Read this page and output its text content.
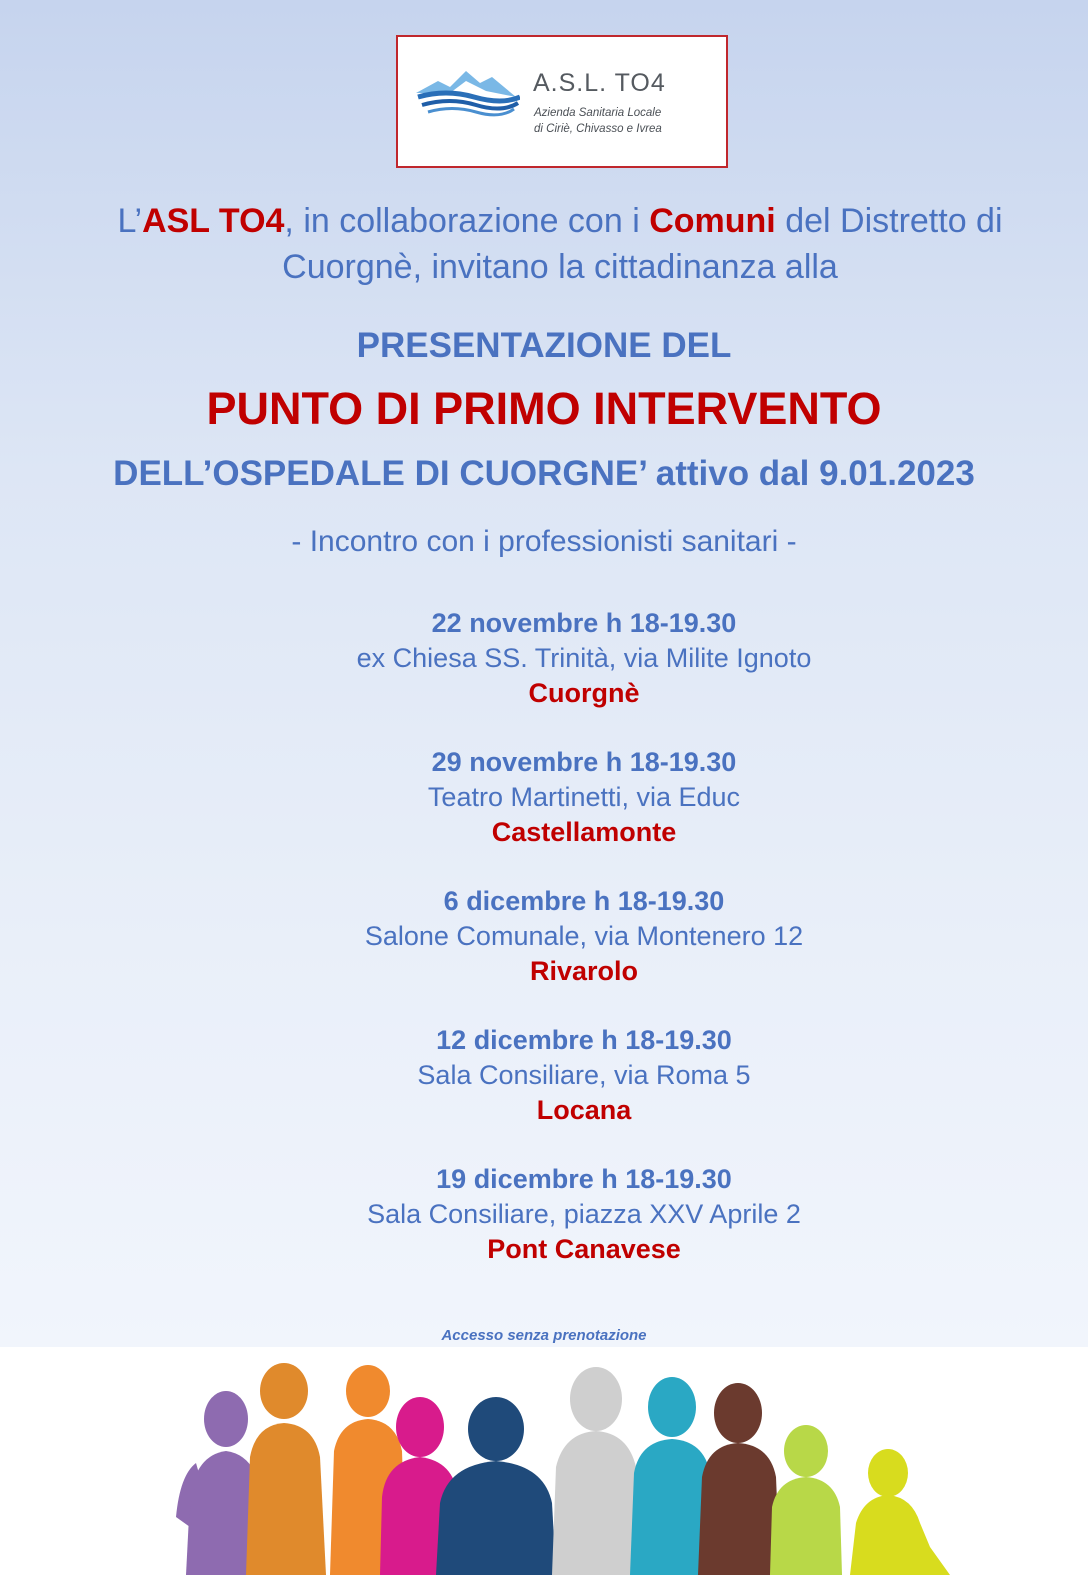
A.S.L. TO4
Azienda Sanitaria Locale
di Ciriè, Chivasso e Ivrea
L’ASL TO4, in collaborazione con i Comuni del Distretto di Cuorgnè, invitano la cittadinanza alla
PRESENTAZIONE DEL
PUNTO DI PRIMO INTERVENTO
DELL’OSPEDALE DI CUORGNE’ attivo dal 9.01.2023
- Incontro con i professionisti sanitari -
22 novembre h 18-19.30
ex Chiesa SS. Trinità, via Milite Ignoto
Cuorgnè
29 novembre h 18-19.30
Teatro Martinetti, via Educ
Castellamonte
6 dicembre h 18-19.30
Salone Comunale, via Montenero 12
Rivarolo
12 dicembre h 18-19.30
Sala Consiliare, via Roma 5
Locana
19 dicembre h 18-19.30
Sala Consiliare, piazza XXV Aprile 2
Pont Canavese
Accesso senza prenotazione
